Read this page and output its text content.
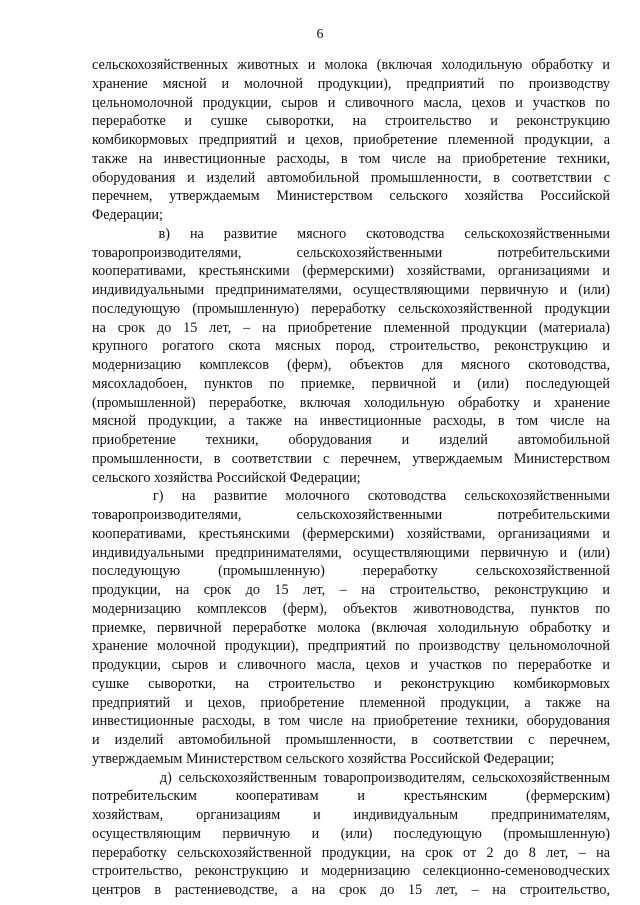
6
сельскохозяйственных животных и молока (включая холодильную обработку и
хранение мясной и молочной продукции), предприятий по производству
цельномолочной продукции, сыров и сливочного масла, цехов и участков по
переработке и сушке сыворотки, на строительство и реконструкцию
комбикормовых предприятий и цехов, приобретение племенной продукции, а
также на инвестиционные расходы, в том числе на приобретение техники,
оборудования и изделий автомобильной промышленности, в соответствии с
перечнем, утверждаемым Министерством сельского хозяйства Российской
Федерации;
в)   на   развитие   мясного   скотоводства   сельскохозяйственными
товаропроизводителями, сельскохозяйственными потребительскими
кооперативами, крестьянскими (фермерскими) хозяйствами, организациями и
индивидуальными предпринимателями, осуществляющими первичную и (или)
последующую (промышленную) переработку сельскохозяйственной продукции
на срок до 15 лет, – на приобретение племенной продукции (материала)
крупного рогатого скота мясных пород, строительство, реконструкцию и
модернизацию комплексов (ферм), объектов для мясного скотоводства,
мясохладобоен, пунктов по приемке, первичной и (или) последующей
(промышленной) переработке, включая холодильную обработку и хранение
мясной продукции, а также на инвестиционные расходы, в том числе на
приобретение техники, оборудования и изделий автомобильной
промышленности, в соответствии с перечнем, утверждаемым Министерством
сельского хозяйства Российской Федерации;
г)   на   развитие   молочного   скотоводства   сельскохозяйственными
товаропроизводителями, сельскохозяйственными потребительскими
кооперативами, крестьянскими (фермерскими) хозяйствами, организациями и
индивидуальными предпринимателями, осуществляющими первичную и (или)
последующую (промышленную) переработку сельскохозяйственной
продукции, на срок до 15 лет, – на строительство, реконструкцию и
модернизацию комплексов (ферм), объектов животноводства, пунктов по
приемке, первичной переработке молока (включая холодильную обработку и
хранение молочной продукции), предприятий по производству цельномолочной
продукции, сыров и сливочного масла, цехов и участков по переработке и
сушке сыворотки, на строительство и реконструкцию комбикормовых
предприятий и цехов, приобретение племенной продукции, а также на
инвестиционные расходы, в том числе на приобретение техники, оборудования
и изделий автомобильной промышленности, в соответствии с перечнем,
утверждаемым Министерством сельского хозяйства Российской Федерации;
д) сельскохозяйственным товаропроизводителям, сельскохозяйственным
потребительским кооперативам и крестьянским (фермерским)
хозяйствам, организациям и индивидуальным предпринимателям,
осуществляющим первичную и (или) последующую (промышленную)
переработку сельскохозяйственной продукции, на срок от 2 до 8 лет, – на
строительство, реконструкцию и модернизацию селекционно-семеноводческих
центров в растениеводстве, а на срок до 15 лет, – на строительство,
